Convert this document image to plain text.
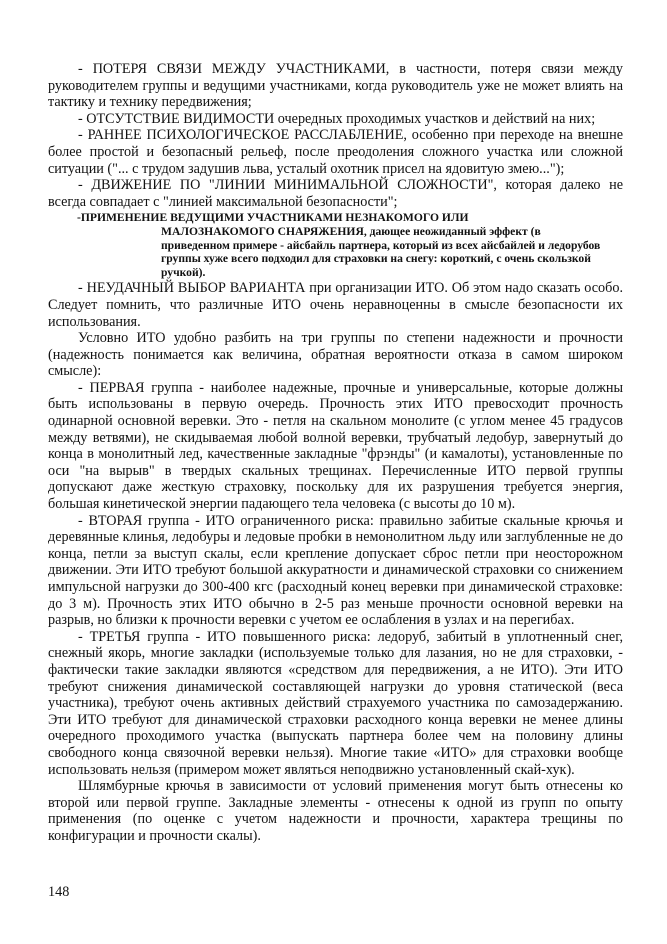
- ПОТЕРЯ СВЯЗИ МЕЖДУ УЧАСТНИКАМИ, в частности, потеря связи между руководителем группы и ведущими участниками, когда руководитель уже не может влиять на тактику и технику передвижения;

- ОТСУТСТВИЕ ВИДИМОСТИ очередных проходимых участков и действий на них;

- РАННЕЕ ПСИХОЛОГИЧЕСКОЕ РАССЛАБЛЕНИЕ, особенно при переходе на внешне более простой и безопасный рельеф, после преодоления сложного участка или сложной ситуации ("... с трудом задушив льва, усталый охотник присел на ядовитую змею...");

- ДВИЖЕНИЕ ПО "ЛИНИИ МИНИМАЛЬНОЙ СЛОЖНОСТИ", которая далеко не всегда совпадает с "линией максимальной безопасности";

-ПРИМЕНЕНИЕ ВЕДУЩИМИ УЧАСТНИКАМИ НЕЗНАКОМОГО ИЛИ
МАЛОЗНАКОМОГО СНАРЯЖЕНИЯ, дающее неожиданный эффект (в приведенном примере - айсбайль партнера, который из всех айсбайлей и ледорубов группы хуже всего подходил для страховки на снегу: короткий, с очень скользкой ручкой).

- НЕУДАЧНЫЙ ВЫБОР ВАРИАНТА при организации ИТО. Об этом надо сказать особо. Следует помнить, что различные ИТО очень неравноценны в смысле безопасности их использования.

Условно ИТО удобно разбить на три группы по степени надежности и прочности (надежность понимается как величина, обратная вероятности отказа в самом широком смысле):

- ПЕРВАЯ группа - наиболее надежные, прочные и универсальные, которые должны быть использованы в первую очередь. Прочность этих ИТО превосходит прочность одинарной основной веревки. Это - петля на скальном монолите (с углом менее 45 градусов между ветвями), не скидываемая любой волной веревки, трубчатый ледобур, завернутый до конца в монолитный лед, качественные закладные "фрэнды" (и камалоты), установленные по оси "на вырыв" в твердых скальных трещинах. Перечисленные ИТО первой группы допускают даже жесткую страховку, поскольку для их разрушения требуется энергия, большая кинетической энергии падающего тела человека (с высоты до 10 м).

- ВТОРАЯ группа - ИТО ограниченного риска: правильно забитые скальные крючья и деревянные клинья, ледобуры и ледовые пробки в немонолитном льду или заглубленные не до конца, петли за выступ скалы, если крепление допускает сброс петли при неосторожном движении. Эти ИТО требуют большой аккуратности и динамической страховки со снижением импульсной нагрузки до 300-400 кгс (расходный конец веревки при динамической страховке: до 3 м). Прочность этих ИТО обычно в 2-5 раз меньше прочности основной веревки на разрыв, но близки к прочности веревки с учетом ее ослабления в узлах и на перегибах.

- ТРЕТЬЯ группа - ИТО повышенного риска: ледоруб, забитый в уплотненный снег, снежный якорь, многие закладки (используемые только для лазания, но не для страховки, - фактически такие закладки являются «средством для передвижения, а не ИТО). Эти ИТО требуют снижения динамической составляющей нагрузки до уровня статической (веса участника), требуют очень активных действий страхуемого участника по самозадержанию. Эти ИТО требуют для динамической страховки расходного конца веревки не менее длины очередного проходимого участка (выпускать партнера более чем на половину длины свободного конца связочной веревки нельзя). Многие такие «ИТО» для страховки вообще использовать нельзя (примером может являться неподвижно установленный скай-хук).

Шлямбурные крючья в зависимости от условий применения могут быть отнесены ко второй или первой группе. Закладные элементы - отнесены к одной из групп по опыту применения (по оценке с учетом надежности и прочности, характера трещины по конфигурации и прочности скалы).

148
